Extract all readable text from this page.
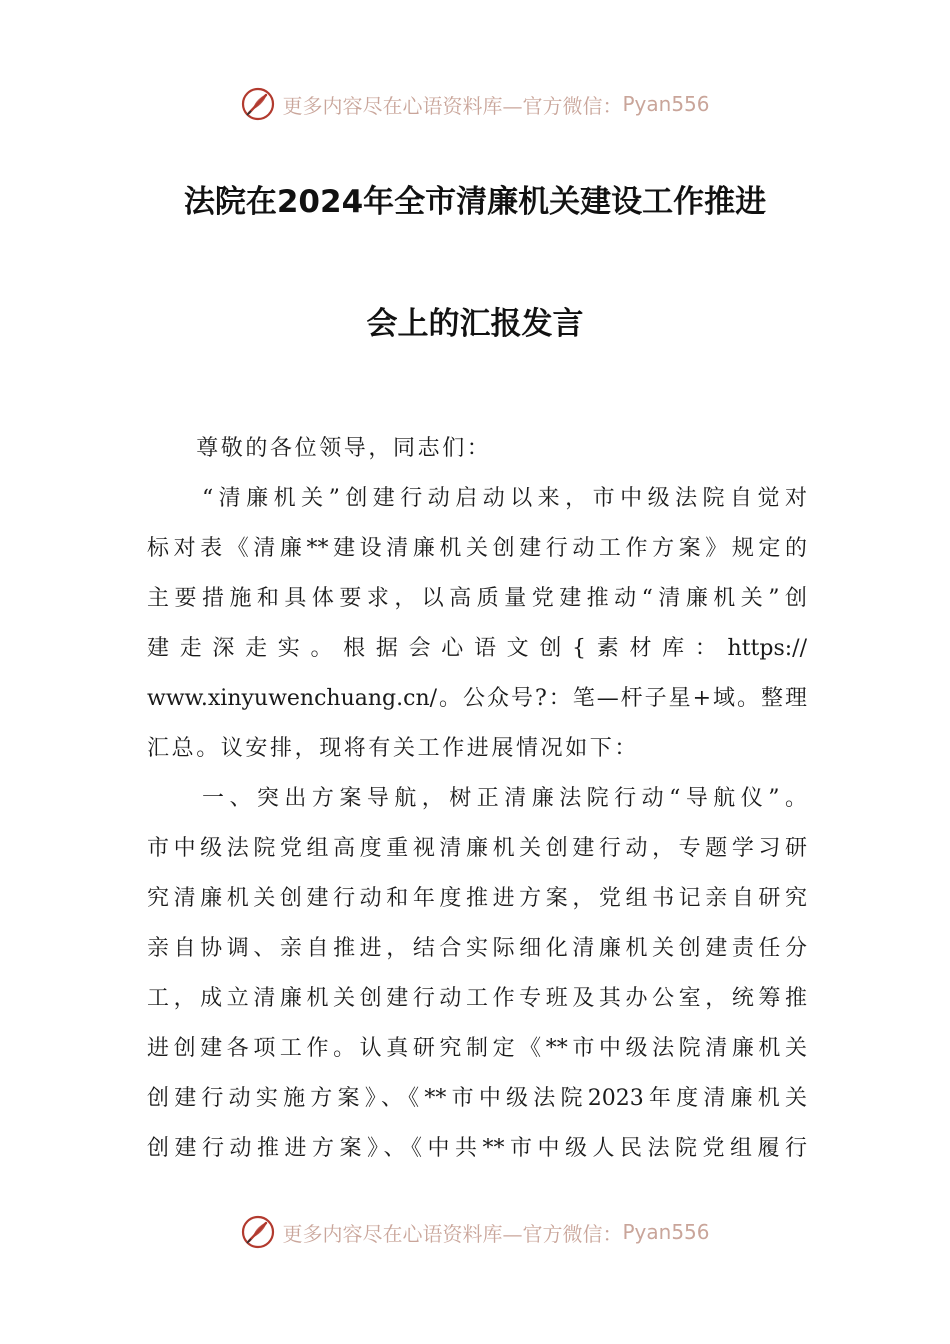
更多内容尽在心语资料库—官方微信： Pyan556
法院在2024年全市清廉机关建设工作推进
会上的汇报发言
　　尊敬的各位领导，同志们：
　　“清廉机关”创建行动启动以来，市中级法院自觉对
标对表《清廉**建设清廉机关创建行动工作方案》规定的
主要措施和具体要求，以高质量党建推动“清廉机关”创
建走深走实。根据会心语文创{素材库：https://
www.xinyuwenchuang.cn/。公众号?：笔—杆子星+域。整理
汇总。议安排，现将有关工作进展情况如下：
　　一、突出方案导航，树正清廉法院行动“导航仪”。
市中级法院党组高度重视清廉机关创建行动，专题学习研
究清廉机关创建行动和年度推进方案，党组书记亲自研究
亲自协调、亲自推进，结合实际细化清廉机关创建责任分
工，成立清廉机关创建行动工作专班及其办公室，统筹推
进创建各项工作。认真研究制定《**市中级法院清廉机关
创建行动实施方案》、《**市中级法院2023年度清廉机关
创建行动推进方案》、《中共**市中级人民法院党组履行
更多内容尽在心语资料库—官方微信： Pyan556
